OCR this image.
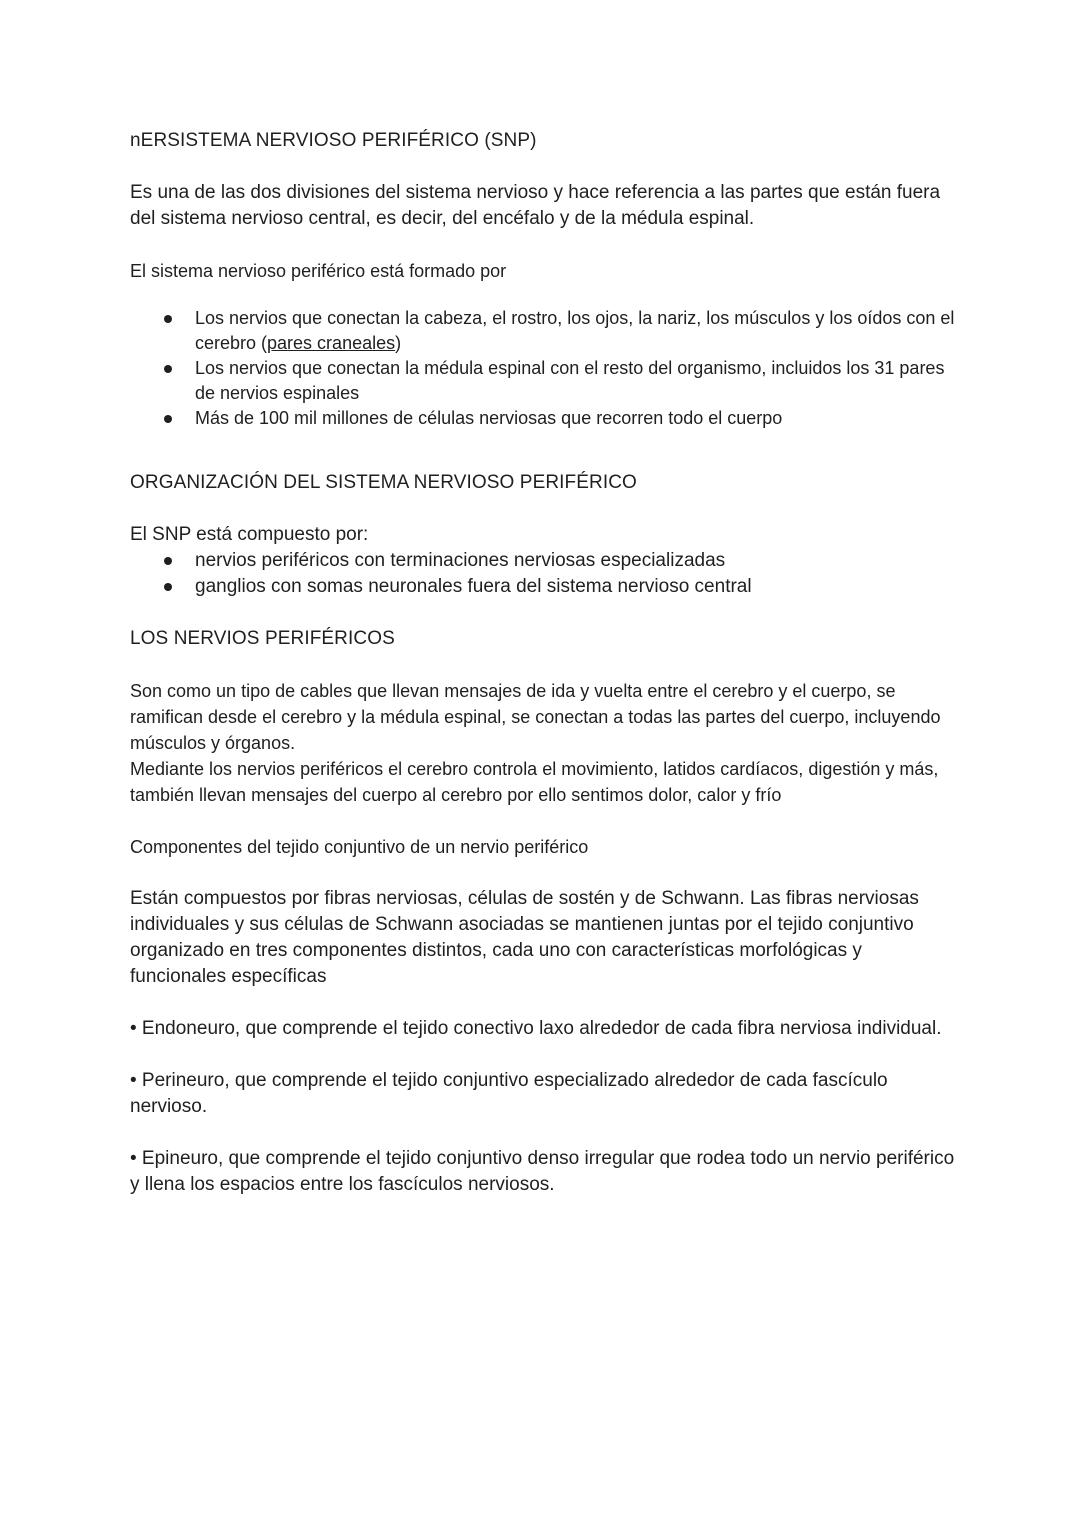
nERSISTEMA NERVIOSO PERIFÉRICO (SNP)

Es una de las dos divisiones del sistema nervioso y hace referencia a las partes que están fuera del sistema nervioso central, es decir, del encéfalo y de la médula espinal.

El sistema nervioso periférico está formado por

Los nervios que conectan la cabeza, el rostro, los ojos, la nariz, los músculos y los oídos con el cerebro (pares craneales)
Los nervios que conectan la médula espinal con el resto del organismo, incluidos los 31 pares de nervios espinales
Más de 100 mil millones de células nerviosas que recorren todo el cuerpo

ORGANIZACIÓN DEL SISTEMA NERVIOSO PERIFÉRICO

El SNP está compuesto por:

nervios periféricos con terminaciones nerviosas especializadas
ganglios con somas neuronales fuera del sistema nervioso central

LOS NERVIOS PERIFÉRICOS

Son como un tipo de cables que llevan mensajes de ida y vuelta entre el cerebro y el cuerpo, se ramifican desde el cerebro y la médula espinal, se conectan a todas las partes del cuerpo, incluyendo músculos y órganos.

Mediante los nervios periféricos el cerebro controla el movimiento, latidos cardíacos, digestión y más, también llevan mensajes del cuerpo al cerebro por ello sentimos dolor, calor y frío

Componentes del tejido conjuntivo de un nervio periférico

Están compuestos por fibras nerviosas, células de sostén y de Schwann. Las fibras nerviosas individuales y sus células de Schwann asociadas se mantienen juntas por el tejido conjuntivo organizado en tres componentes distintos, cada uno con características morfológicas y funcionales específicas

• Endoneuro, que comprende el tejido conectivo laxo alrededor de cada fibra nerviosa individual.

• Perineuro, que comprende el tejido conjuntivo especializado alrededor de cada fascículo nervioso.

• Epineuro, que comprende el tejido conjuntivo denso irregular que rodea todo un nervio periférico y llena los espacios entre los fascículos nerviosos.
